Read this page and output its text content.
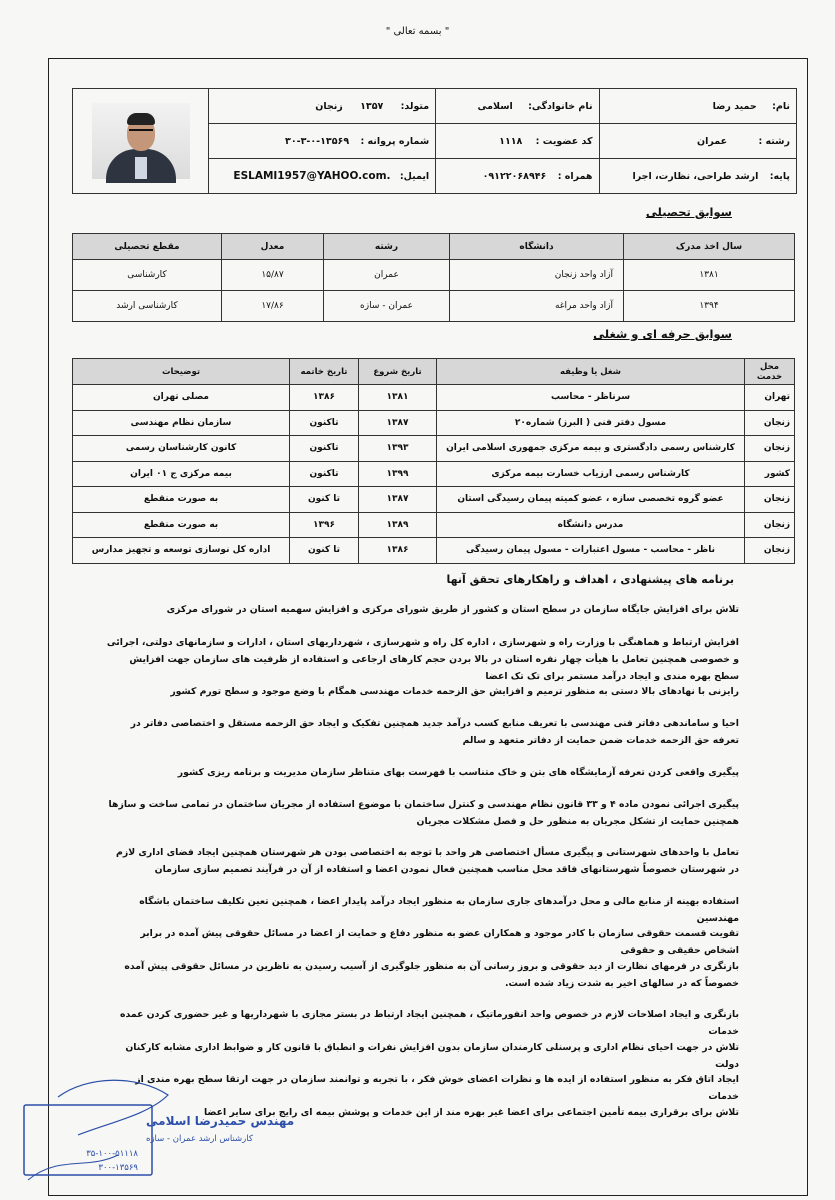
" بسمه تعالی "
نام: حمید رضا	نام خانوادگی: اسلامی	متولد: ۱۳۵۷ زنجان	

رشته : عمران	کد عضویت : ۱۱۱۸	شماره پروانه : ۱۳۵۶۹-۰-۳-۳۰	
پایه: ارشد طراحی، نظارت، اجرا	همراه : ۰۹۱۲۲۰۶۸۹۴۶	ایمیل: ESLAMI1957@YAHOO.com.	
سوابق تحصیلی
سال اخذ مدرک	دانشگاه	رشته	معدل	مقطع تحصیلی
۱۳۸۱	آزاد واحد زنجان	عمران	۱۵/۸۷	کارشناسی
۱۳۹۴	آزاد واحد مراغه	عمران - سازه	۱۷/۸۶	کارشناسی ارشد
سوابق حرفه ای و شغلی
محل خدمت	شغل یا وظیفه	تاریخ شروع	تاریخ خاتمه	توضیحات
تهران	سرناظر - محاسب	۱۳۸۱	۱۳۸۶	مصلی تهران
زنجان	مسول دفتر فنی ( البرز) شماره۲۰	۱۳۸۷	تاکنون	سازمان نظام مهندسی
زنجان	کارشناس رسمی دادگستری و بیمه مرکزی جمهوری اسلامی ایران	۱۳۹۳	تاکنون	کانون کارشناسان رسمی
کشور	کارشناس رسمی ارزیاب خسارت بیمه مرکزی	۱۳۹۹	تاکنون	بیمه مرکزی ج ۰۱ ایران
زنجان	عضو گروه تخصصی سازه ، عضو کمیته پیمان رسیدگی استان	۱۳۸۷	تا کنون	به صورت منقطع
زنجان	مدرس دانشگاه	۱۳۸۹	۱۳۹۶	به صورت منقطع
زنجان	ناظر - محاسب - مسول اعتبارات - مسول پیمان رسیدگی	۱۳۸۶	تا کنون	اداره کل نوسازی توسعه و تجهیز مدارس
برنامه های پیشنهادی ، اهداف و راهکارهای تحقق آنها
تلاش برای افزایش جایگاه سازمان در سطح استان و کشور از طریق شورای مرکزی و افزایش سهمیه استان در شورای مرکزی
افزایش ارتباط و هماهنگی با وزارت راه و شهرسازی ، اداره کل راه و شهرسازی ، شهرداریهای استان ، ادارات و سازمانهای دولتی، اجرائی و خصوصی همچنین تعامل با هیأت چهار نفره استان در بالا بردن حجم کارهای ارجاعی و استفاده از ظرفیت های سازمان جهت افزایش سطح بهره مندی و ایجاد درآمد مستمر برای تک تک اعضا
رایزنی با نهادهای بالا دستی به منظور ترمیم و افزایش حق الزحمه خدمات مهندسی همگام با وضع موجود و سطح تورم کشور
احیا و ساماندهی دفاتر فنی مهندسی با تعریف منابع کسب درآمد جدید همچنین تفکیک و ایجاد حق الزحمه مستقل و اختصاصی دفاتر در تعرفه حق الزحمه خدمات ضمن حمایت از دفاتر متعهد و سالم
پیگیری واقعی کردن تعرفه آزمایشگاه های بتن و خاک متناسب با فهرست بهای متناظر سازمان مدیریت و برنامه ریزی کشور
پیگیری اجرائی نمودن ماده ۴ و ۳۳ قانون نظام مهندسی و کنترل ساختمان با موضوع استفاده از مجریان ساختمان در تمامی ساخت و سازها همچنین حمایت از تشکل مجریان به منظور حل و فصل مشکلات مجریان
تعامل با واحدهای شهرستانی و پیگیری مسأل اختصاصی هر واحد با توجه به اختصاصی بودن هر شهرستان همچنین ایجاد فضای اداری لازم در شهرستان خصوصاً شهرستانهای فاقد محل مناسب همچنین فعال نمودن اعضا و استفاده از آن در فرآیند تصمیم سازی سازمان
استفاده بهینه از منابع مالی و محل درآمدهای جاری سازمان به منظور ایجاد درآمد پایدار اعضا ، همچنین تعین تکلیف ساختمان باشگاه مهندسین
تقویت قسمت حقوقی سازمان با کادر موجود و همکاران عضو به منظور دفاع و حمایت از اعضا در مسائل حقوقی پیش آمده در برابر اشخاص حقیقی و حقوقی
بازنگری در فرمهای نظارت از دید حقوقی و بروز رسانی آن به منظور جلوگیری از آسیب رسیدن به ناظرین در مسائل حقوقی پیش آمده خصوصاً که در سالهای اخیر به شدت زیاد شده است.
بازنگری و ایجاد اصلاحات لازم در خصوص واحد انفورماتیک ، همچنین ایجاد ارتباط در بستر مجازی با شهرداریها و غیر حضوری کردن عمده خدمات
تلاش در جهت احیای نظام اداری و پرسنلی کارمندان سازمان بدون افزایش نفرات و انطباق با قانون کار و ضوابط اداری مشابه کارکنان دولت
ایجاد اتاق فکر به منظور استفاده از ایده ها و نظرات اعضای خوش فکر ، با تجربه و توانمند سازمان در جهت ارتقا سطح بهره مندی از خدمات
تلاش برای برقراری بیمه تأمین اجتماعی برای اعضا غیر بهره مند از این خدمات و پوشش بیمه ای رایج برای سایر اعضا
مهندس حمیدرضا اسلامی
کارشناس ارشد عمران - سازه
۳۵-۱۰۰-۵۱۱۱۸
۳۰۰-۱۳۵۶۹
